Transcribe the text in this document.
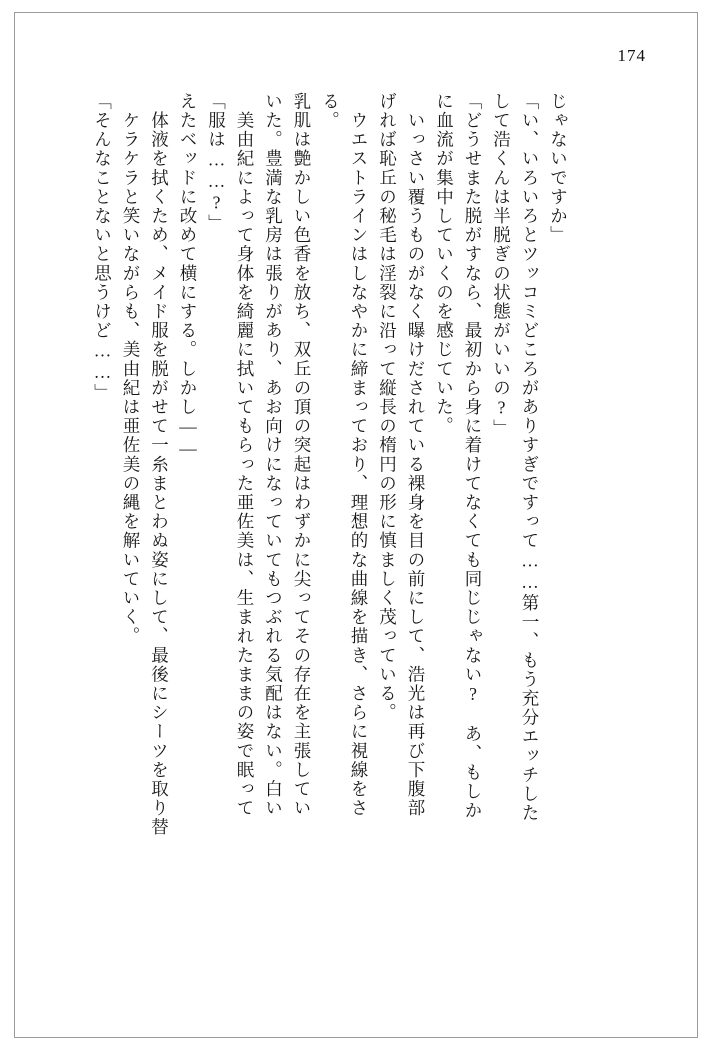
174
「そんなことないと思うけど……」 　ケラケラと笑いながらも、美由紀は亜佐美の縄を解いていく。 　体液を拭くため、メイド服を脱がせて一糸まとわぬ姿にして、最後にシーツを取り替 えたベッドに改めて横にする。しかし―― 「服は……?」 　美由紀によって身体を綺麗に拭いてもらった亜佐美は、生まれたままの姿で眠って いた。豊満な乳房は張りがあり、あお向けになっていてもつぶれる気配はない。白い 乳肌は艶かしい色香を放ち、双丘の頂の突起はわずかに尖ってその存在を主張してい る。 　ウエストラインはしなやかに締まっており、理想的な曲線を描き、さらに視線をさ げれば恥丘の秘毛は淫裂に沿って縦長の楕円の形に慎ましく茂っている。 　いっさい覆うものがなく曝けだされている裸身を目の前にして、浩光は再び下腹部 に血流が集中していくのを感じていた。 「どうせまた脱がすなら、最初から身に着けてなくても同じじゃない?　あ、もしか して浩くんは半脱ぎの状態がいいの?」 「い、いろいろとツッコミどころがありすぎですって……第一、もう充分エッチした じゃないですか」
